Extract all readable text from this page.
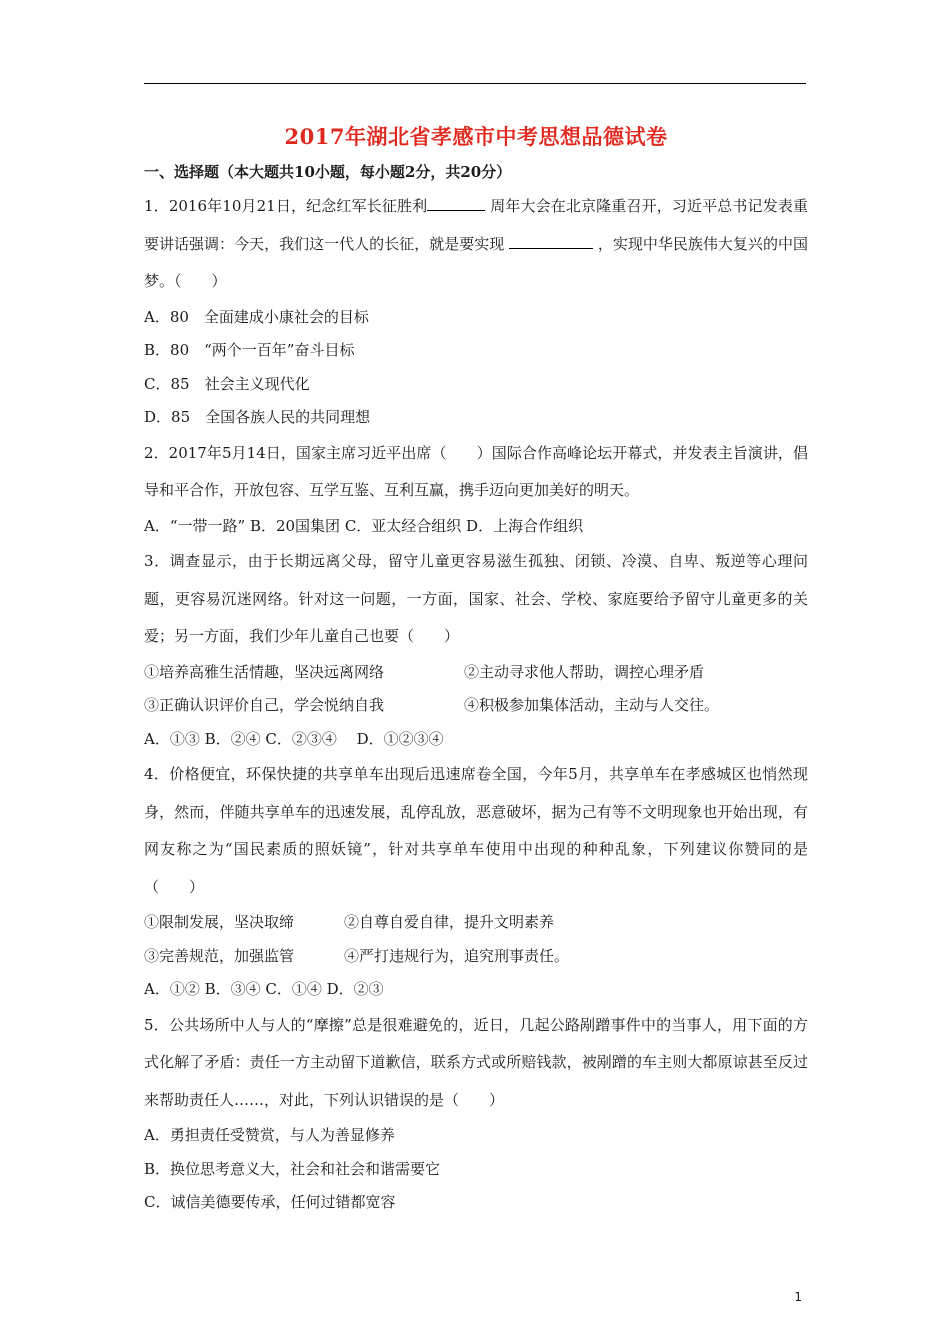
2017年湖北省孝感市中考思想品德试卷
一、选择题（本大题共10小题，每小题2分，共20分）
1．2016年10月21日，纪念红军长征胜利	周年大会在北京隆重召开，习近平总书记发表重要讲话强调：今天，我们这一代人的长征，就是要实现	，实现中华民族伟大复兴的中国梦。（　　）
A．80　全面建成小康社会的目标
B．80　“两个一百年”奋斗目标
C．85　社会主义现代化
D．85　全国各族人民的共同理想
2．2017年5月14日，国家主席习近平出席（　　）国际合作高峰论坛开幕式，并发表主旨演讲，倡导和平合作，开放包容、互学互鉴、互利互赢，携手迈向更加美好的明天。
A．“一带一路” B．20国集团 C．亚太经合组织 D．上海合作组织
3．调查显示，由于长期远离父母，留守儿童更容易滋生孤独、闭锁、冷漠、自卑、叛逆等心理问题，更容易沉迷网络。针对这一问题，一方面，国家、社会、学校、家庭要给予留守儿童更多的关爱；另一方面，我们少年儿童自己也要（　　）
①培养高雅生活情趣，坚决远离网络	②主动寻求他人帮助，调控心理矛盾
③正确认识评价自己，学会悦纳自我	④积极参加集体活动，主动与人交往。
A．①③ B．②④ C．②③④　 D．①②③④
4．价格便宜，环保快捷的共享单车出现后迅速席卷全国，今年5月，共享单车在孝感城区也悄然现身，然而，伴随共享单车的迅速发展，乱停乱放，恶意破坏，据为己有等不文明现象也开始出现，有网友称之为“国民素质的照妖镜”，针对共享单车使用中出现的种种乱象，下列建议你赞同的是（　　）
①限制发展，坚决取缔	②自尊自爱自律，提升文明素养
③完善规范，加强监管	④严打违规行为，追究刑事责任。
A．①② B．③④ C．①④ D．②③
5．公共场所中人与人的“摩擦”总是很难避免的，近日，几起公路剐蹭事件中的当事人，用下面的方式化解了矛盾：责任一方主动留下道歉信，联系方式或所赔钱款，被剐蹭的车主则大都原谅甚至反过来帮助责任人……，对此，下列认识错误的是（　　）
A．勇担责任受赞赏，与人为善显修养
B．换位思考意义大，社会和社会和谐需要它
C．诚信美德要传承，任何过错都宽容
1
